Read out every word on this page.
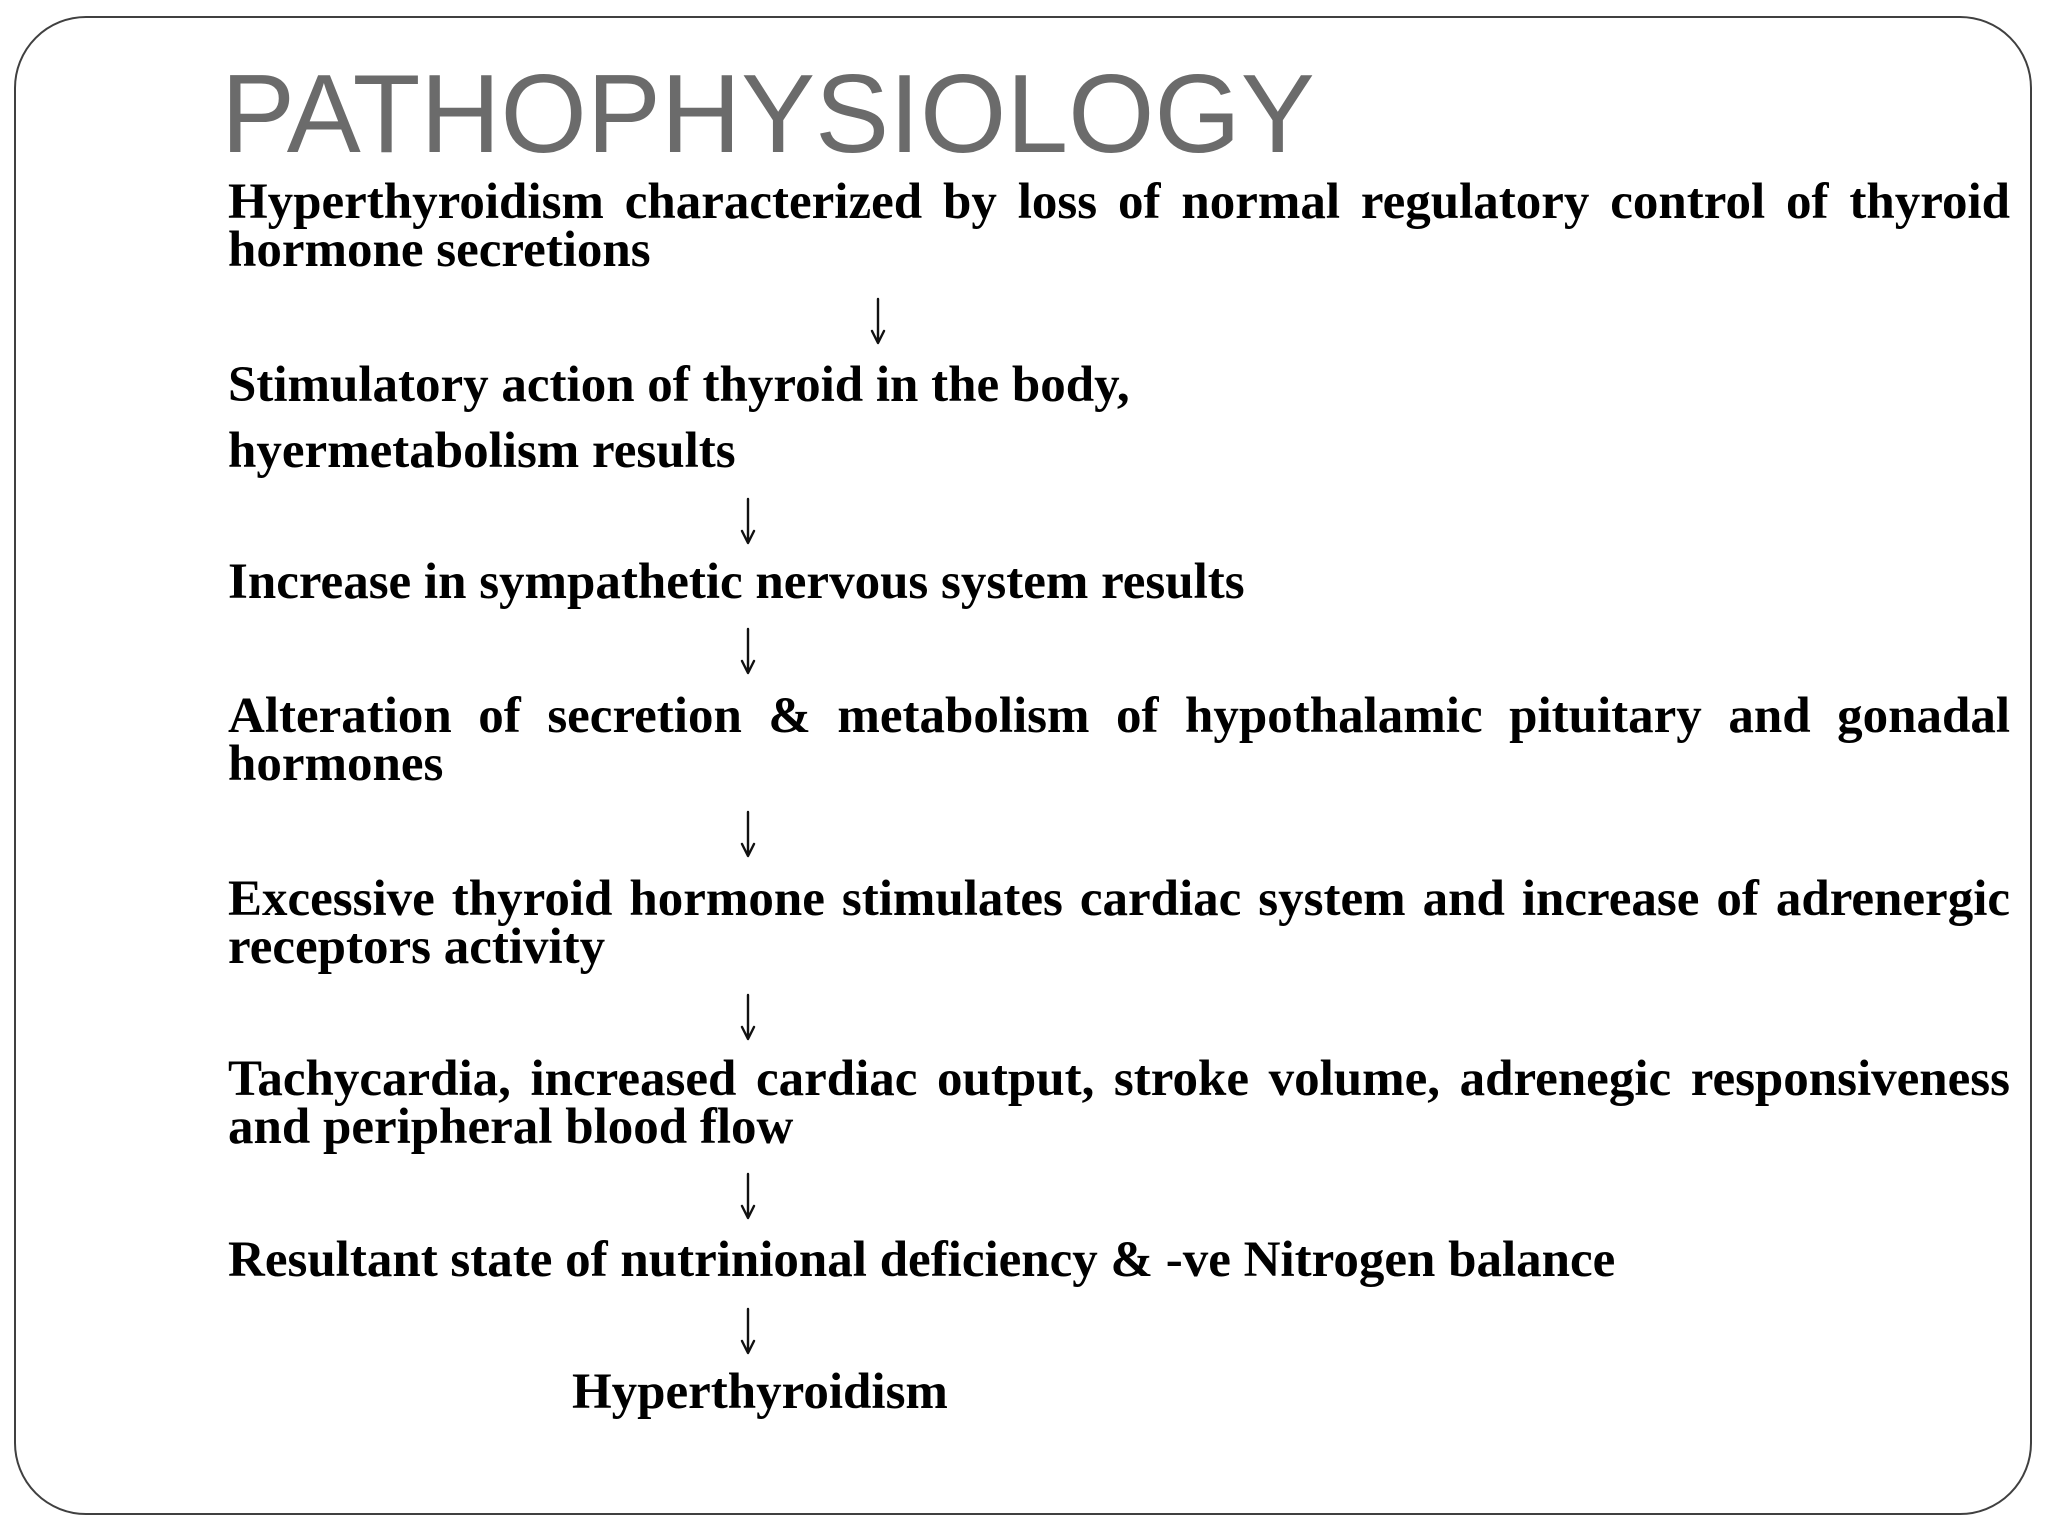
PATHOPHYSIOLOGY

Hyperthyroidism characterized by loss of normal regulatory control of thyroid hormone secretions

Stimulatory action of thyroid in the body,

hyermetabolism results

Increase in sympathetic nervous system results

Alteration of secretion & metabolism of hypothalamic pituitary and gonadal hormones

Excessive thyroid hormone stimulates cardiac system and increase of adrenergic receptors activity

Tachycardia, increased cardiac output, stroke volume, adrenegic responsiveness and peripheral blood flow

Resultant state of nutrinional deficiency & -ve Nitrogen balance

Hyperthyroidism
